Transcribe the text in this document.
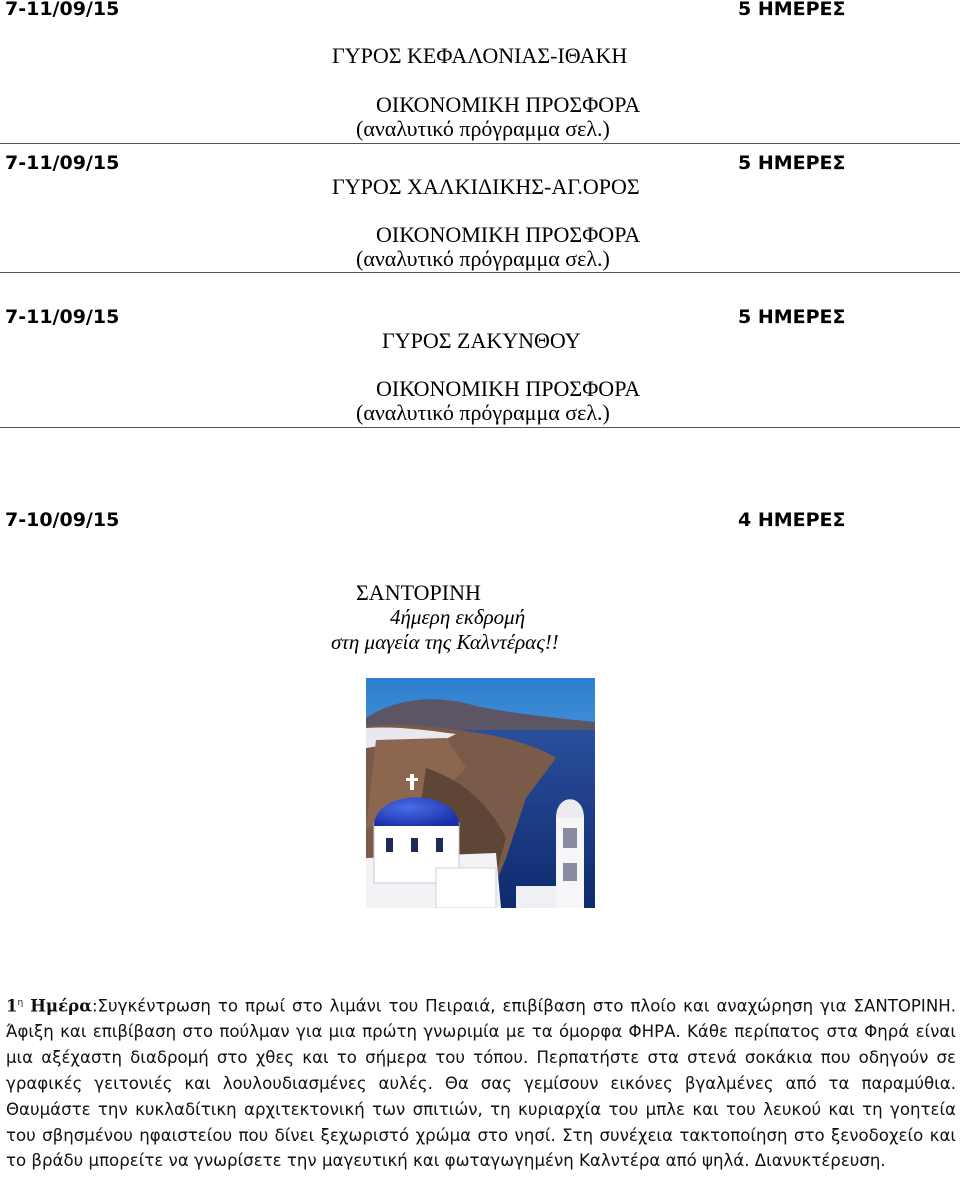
7-11/09/15	5 ΗΜΕΡΕΣ
ΓΥΡΟΣ ΚΕΦΑΛΟΝΙΑΣ-ΙΘΑΚΗ
ΟΙΚΟΝΟΜΙΚΗ ΠΡΟΣΦΟΡΑ
(αναλυτικό πρόγραμμα σελ.)
7-11/09/15	5 ΗΜΕΡΕΣ
ΓΥΡΟΣ ΧΑΛΚΙΔΙΚΗΣ-ΑΓ.ΟΡΟΣ
ΟΙΚΟΝΟΜΙΚΗ ΠΡΟΣΦΟΡΑ
(αναλυτικό πρόγραμμα σελ.)
7-11/09/15	5 ΗΜΕΡΕΣ
ΓΥΡΟΣ ΖΑΚΥΝΘΟΥ
ΟΙΚΟΝΟΜΙΚΗ ΠΡΟΣΦΟΡΑ
(αναλυτικό πρόγραμμα σελ.)
7-10/09/15	4 ΗΜΕΡΕΣ
ΣΑΝΤΟΡΙΝΗ
4ήμερη εκδρομή
στη μαγεία της Καλντέρας!!
$1^\eta$ Ημέρα:Συγκέντρωση το πρωί στο λιμάνι του Πειραιά, επιβίβαση στο πλοίο και αναχώρηση για ΣΑΝΤΟΡΙΝΗ. Άφιξη και επιβίβαση στο πούλμαν για μια πρώτη γνωριμία με τα όμορφα ΦΗΡΑ. Κάθε περίπατος στα Φηρά είναι μια αξέχαστη διαδρομή στο χθες και το σήμερα του τόπου. Περπατήστε στα στενά σοκάκια που οδηγούν σε γραφικές γειτονιές και λουλουδιασμένες αυλές. Θα σας γεμίσουν εικόνες βγαλμένες από τα παραμύθια. Θαυμάστε την κυκλαδίτικη αρχιτεκτονική των σπιτιών, τη κυριαρχία του μπλε και του λευκού και τη γοητεία του σβησμένου ηφαιστείου που δίνει ξεχωριστό χρώμα στο νησί. Στη συνέχεια τακτοποίηση στο ξενοδοχείο και το βράδυ μπορείτε να γνωρίσετε την μαγευτική και φωταγωγημένη Καλντέρα από ψηλά. Διανυκτέρευση.
